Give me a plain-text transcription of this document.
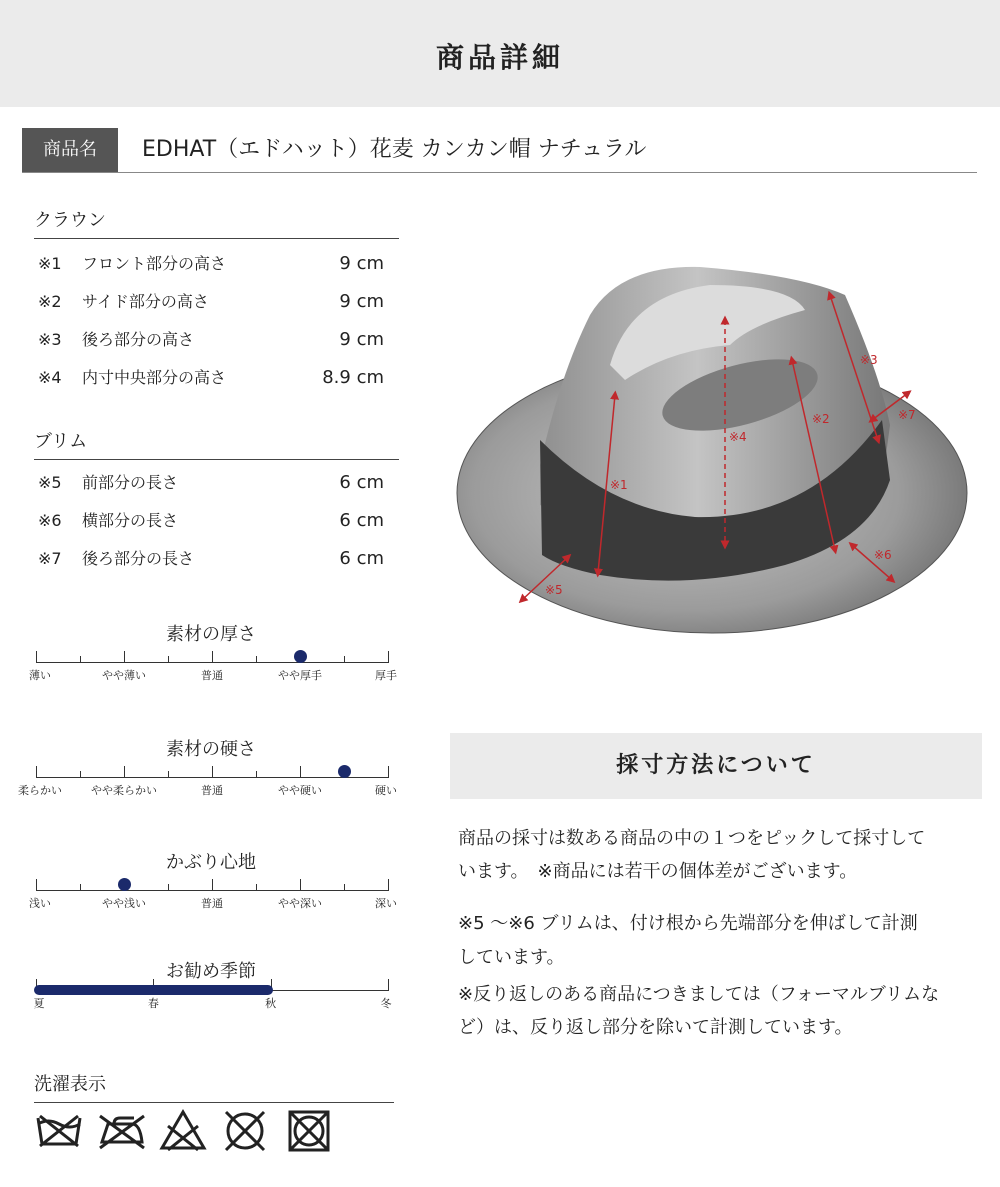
商品詳細
商品名	EDHAT（エドハット）花麦 カンカン帽 ナチュラル
クラウン
※1 フロント部分の高さ	9 cm
※2 サイド部分の高さ	9 cm
※3 後ろ部分の高さ	9 cm
※4 内寸中央部分の高さ	8.9 cm
ブリム
※5 前部分の長さ	6 cm
※6 横部分の長さ	6 cm
※7 後ろ部分の長さ	6 cm
素材の厚さ
薄い	やや薄い	普通	やや厚手	厚手
素材の硬さ
柔らかい	やや柔らかい	普通	やや硬い	硬い
かぶり心地
浅い	やや浅い	普通	やや深い	深い
お勧め季節
夏	春	秋	冬
洗濯表示
※1
※2
※3
※4
※5
※6
※7
採寸方法について
商品の採寸は数ある商品の中の１つをピックして採寸して
います。　※商品には若干の個体差がございます。
※5 ～※6 ブリムは、付け根から先端部分を伸ばして計測
しています。
※反り返しのある商品につきましては（フォーマルブリムな
ど）は、反り返し部分を除いて計測しています。
